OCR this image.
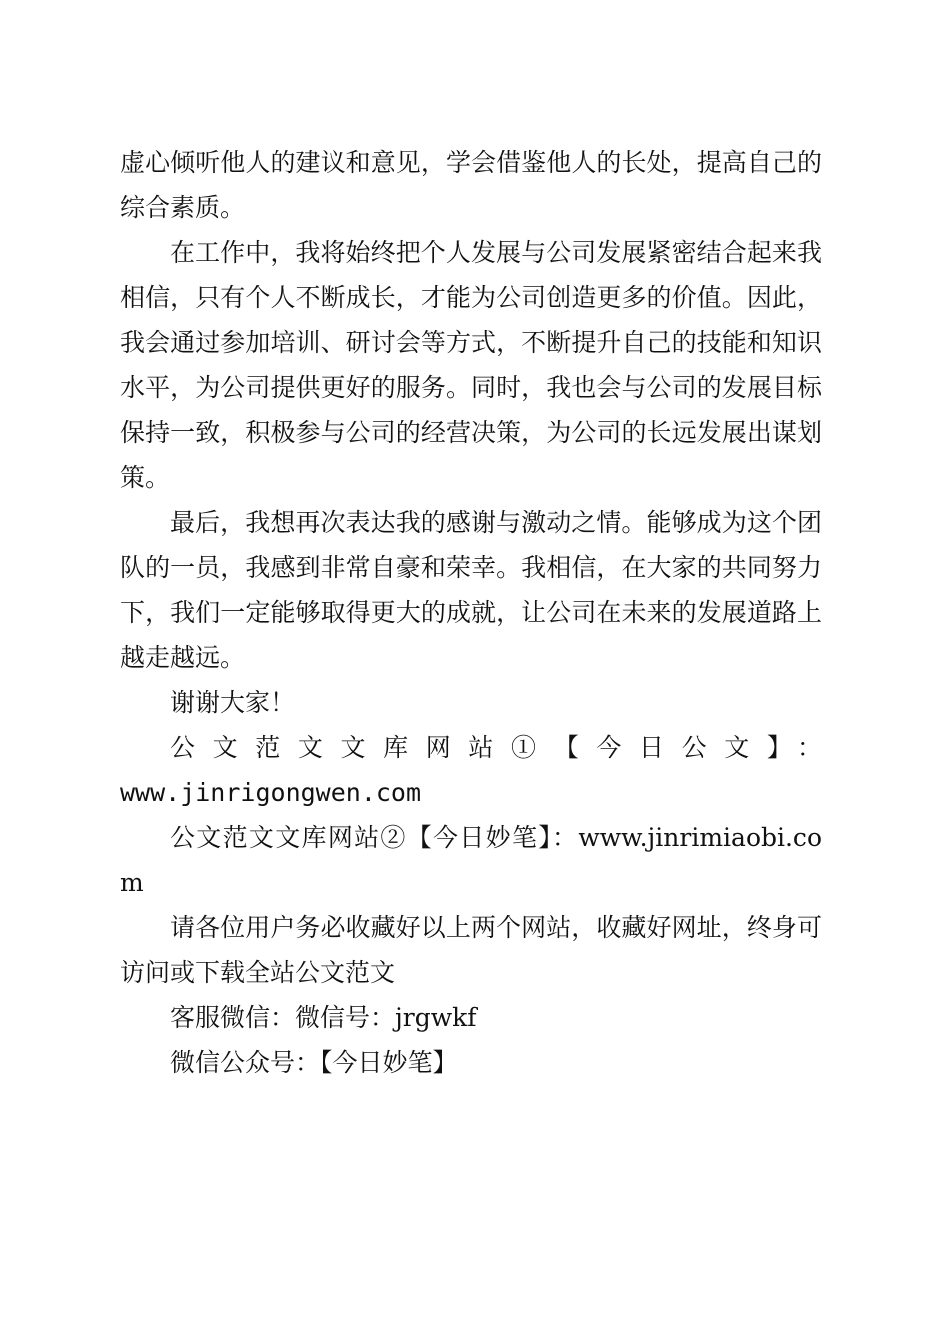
虚心倾听他人的建议和意见，学会借鉴他人的长处，提高自己的综合素质。

在工作中，我将始终把个人发展与公司发展紧密结合起来我相信，只有个人不断成长，才能为公司创造更多的价值。因此，我会通过参加培训、研讨会等方式，不断提升自己的技能和知识水平，为公司提供更好的服务。同时，我也会与公司的发展目标保持一致，积极参与公司的经营决策，为公司的长远发展出谋划策。

最后，我想再次表达我的感谢与激动之情。能够成为这个团队的一员，我感到非常自豪和荣幸。我相信，在大家的共同努力下，我们一定能够取得更大的成就，让公司在未来的发展道路上越走越远。

谢谢大家！

公文范文文库网站①【今日公文】：

www.jinrigongwen.com

公文范文文库网站②【今日妙笔】：www.jinrimiaobi.com

请各位用户务必收藏好以上两个网站，收藏好网址，终身可访问或下载全站公文范文

客服微信：微信号：jrgwkf

微信公众号：【今日妙笔】
